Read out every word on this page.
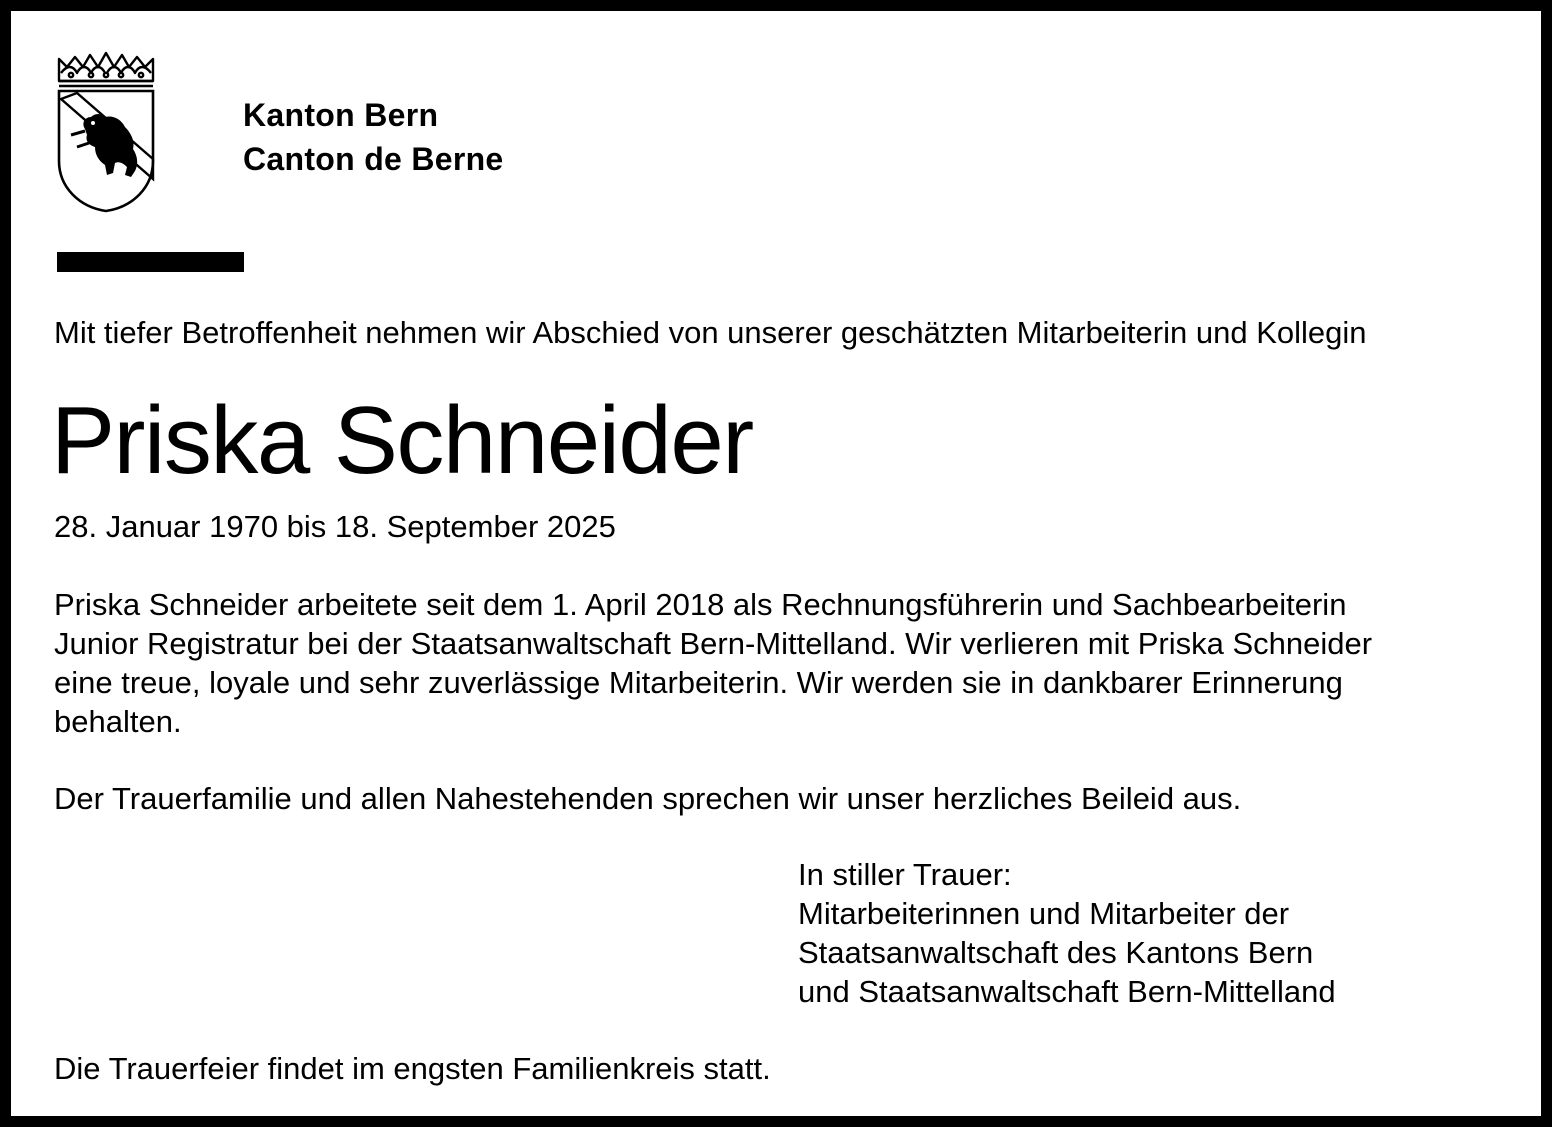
Kanton Bern
Canton de Berne
Mit tiefer Betroffenheit nehmen wir Abschied von unserer geschätzten Mitarbeiterin und Kollegin
Priska Schneider
28. Januar 1970 bis 18. September 2025
Priska Schneider arbeitete seit dem 1. April 2018 als Rechnungsführerin und Sachbearbeiterin
Junior Registratur bei der Staatsanwaltschaft Bern-Mittelland. Wir verlieren mit Priska Schneider
eine treue, loyale und sehr zuverlässige Mitarbeiterin. Wir werden sie in dankbarer Erinnerung
behalten.
Der Trauerfamilie und allen Nahestehenden sprechen wir unser herzliches Beileid aus.
In stiller Trauer:
Mitarbeiterinnen und Mitarbeiter der
Staatsanwaltschaft des Kantons Bern
und Staatsanwaltschaft Bern-Mittelland
Die Trauerfeier findet im engsten Familienkreis statt.
